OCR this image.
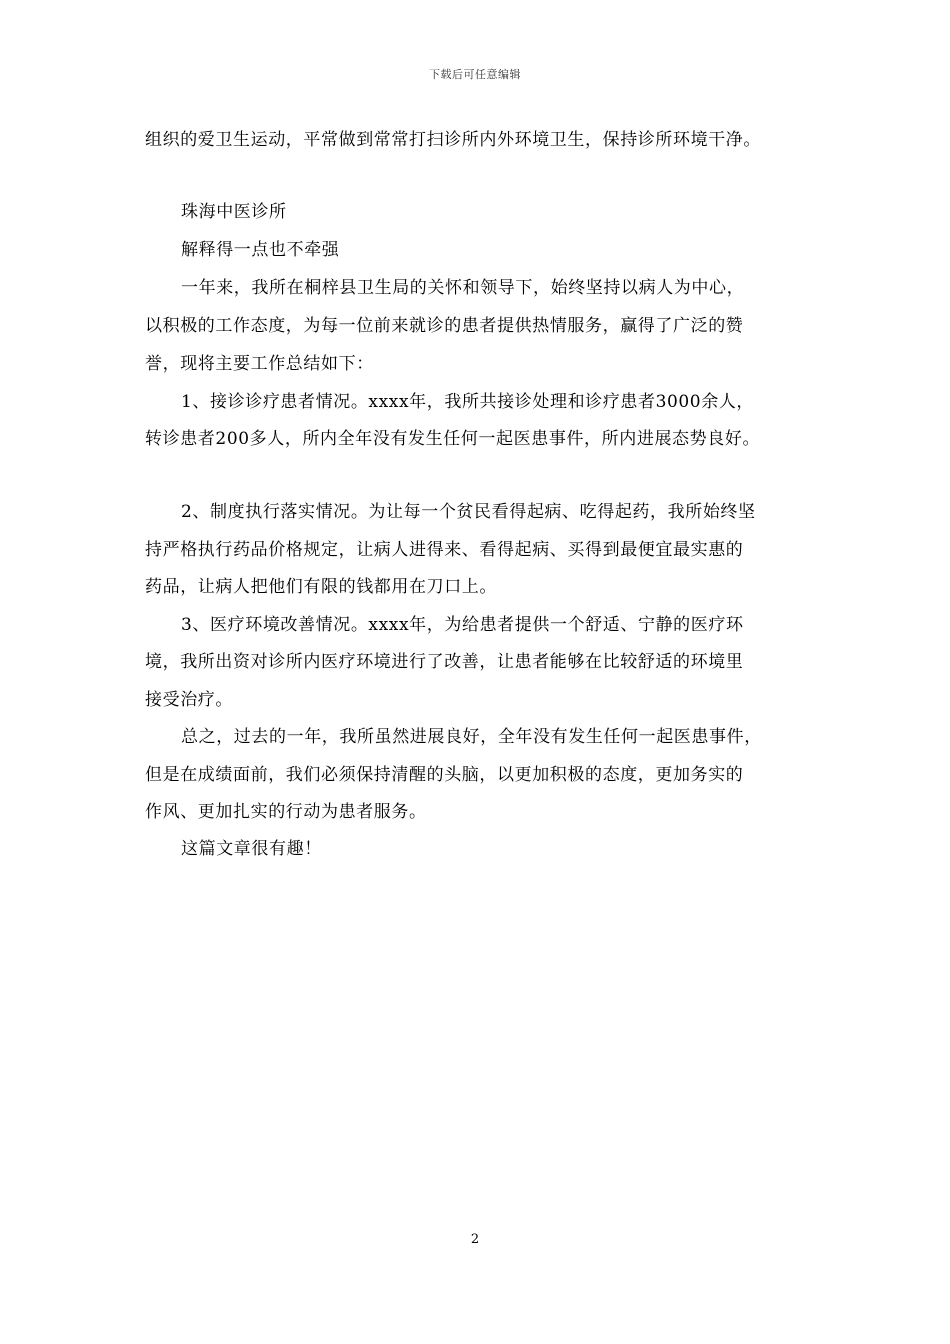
下载后可任意编辑
组织的爱卫生运动，平常做到常常打扫诊所内外环境卫生，保持诊所环境干净。
珠海中医诊所
解释得一点也不牵强
一年来，我所在桐梓县卫生局的关怀和领导下，始终坚持以病人为中心，
以积极的工作态度，为每一位前来就诊的患者提供热情服务，赢得了广泛的赞
誉，现将主要工作总结如下：
1、接诊诊疗患者情况。xxxx年，我所共接诊处理和诊疗患者3000余人，
转诊患者200多人，所内全年没有发生任何一起医患事件，所内进展态势良好。
2、制度执行落实情况。为让每一个贫民看得起病、吃得起药，我所始终坚
持严格执行药品价格规定，让病人进得来、看得起病、买得到最便宜最实惠的
药品，让病人把他们有限的钱都用在刀口上。
3、医疗环境改善情况。xxxx年，为给患者提供一个舒适、宁静的医疗环
境，我所出资对诊所内医疗环境进行了改善，让患者能够在比较舒适的环境里
接受治疗。
总之，过去的一年，我所虽然进展良好，全年没有发生任何一起医患事件，
但是在成绩面前，我们必须保持清醒的头脑，以更加积极的态度，更加务实的
作风、更加扎实的行动为患者服务。
这篇文章很有趣！
2
